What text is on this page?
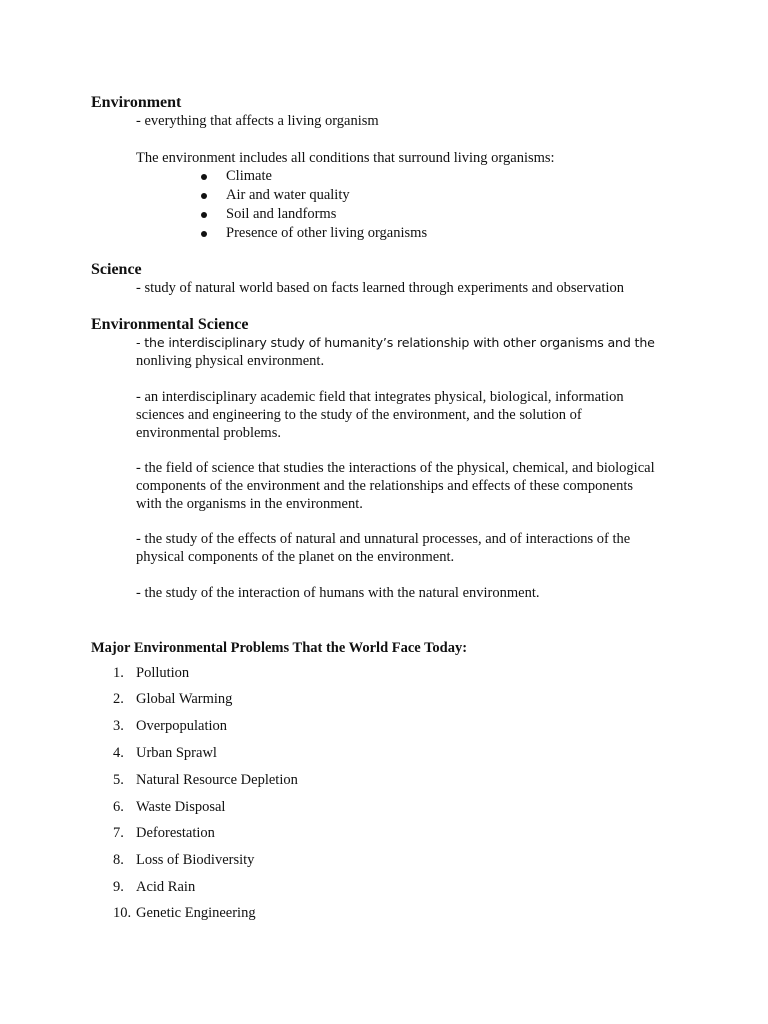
Environment
- everything that affects a living organism
The environment includes all conditions that surround living organisms:
Climate
Air and water quality
Soil and landforms
Presence of other living organisms
Science
- study of natural world based on facts learned through experiments and observation
Environmental Science
- the interdisciplinary study of humanity’s relationship with other organisms and the
nonliving physical environment.
- an interdisciplinary academic field that integrates physical, biological, information
sciences and engineering to the study of the environment, and the solution of
environmental problems.
- the field of science that studies the interactions of the physical, chemical, and biological
components of the environment and the relationships and effects of these components
with the organisms in the environment.
- the study of the effects of natural and unnatural processes, and of interactions of the
physical components of the planet on the environment.
- the study of the interaction of humans with the natural environment.
Major Environmental Problems That the World Face Today:
1. Pollution
2. Global Warming
3. Overpopulation
4. Urban Sprawl
5. Natural Resource Depletion
6. Waste Disposal
7. Deforestation
8. Loss of Biodiversity
9. Acid Rain
10. Genetic Engineering
